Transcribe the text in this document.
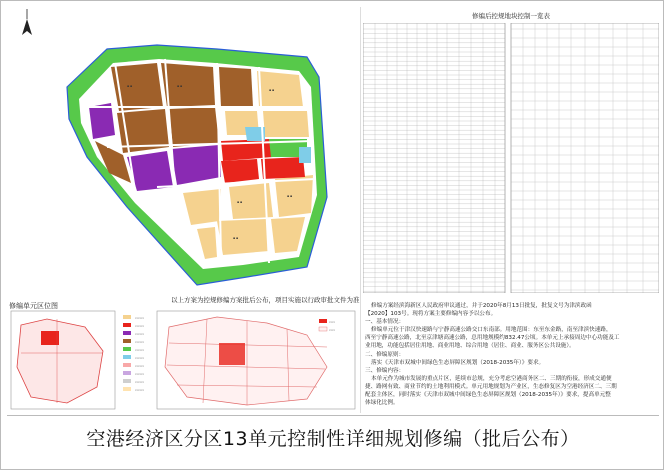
▪ ▪	▪ ▪
▪ ▪
▪ ▪
▪ ▪
▪ ▪
以上方案为控规修编方案批后公布，项目实施以行政审批文件为准
修编单元区位图
▭▭▭
▭▭▭
▭▭▭
▭▭▭
▭▭▭
▭▭▭
▭▭▭
▭▭▭
▭▭▭
▭▭▭
▭▭
▭▭
修编后控规地块控制一览表

修编方案经滨海新区人民政府审议通过，并于2020年8月13日批复，批复文号为津滨政函

【2020】103号。现将方案主要修编内容予以公布。

一、基本情况：

修编单元位于津汉快速路与宁静高速公路交口东南部。用地范围：东至东金路，南至津滨快速路，

西至宁静高速公路，北至京津塘高速公路，总用地规模约832.47公顷。本单元上承接周边中心功能及工

业用地，功能包括居住用地、商业用地、综合用地（居住、商业、服务区公共设施）。

二、修编原则：

落实《天津市双城中间绿色生态屏障区规划（2018-2035年）》要求。

三、修编内容：

本单元作为城市发展的重点片区，延续市总规，充分考虑空港商务区二、三期的衔接，形成交通便

捷、路网有致、商业节约的土地利用模式。单元用地规划为产业区，生态修复区为空港经济区二、三期

配套主体区，同时落实《天津市双城中间绿色生态屏障区规划（2018-2035年）》要求，提高单元整

体绿化比例。

空港经济区分区13单元控制性详细规划修编（批后公布）
